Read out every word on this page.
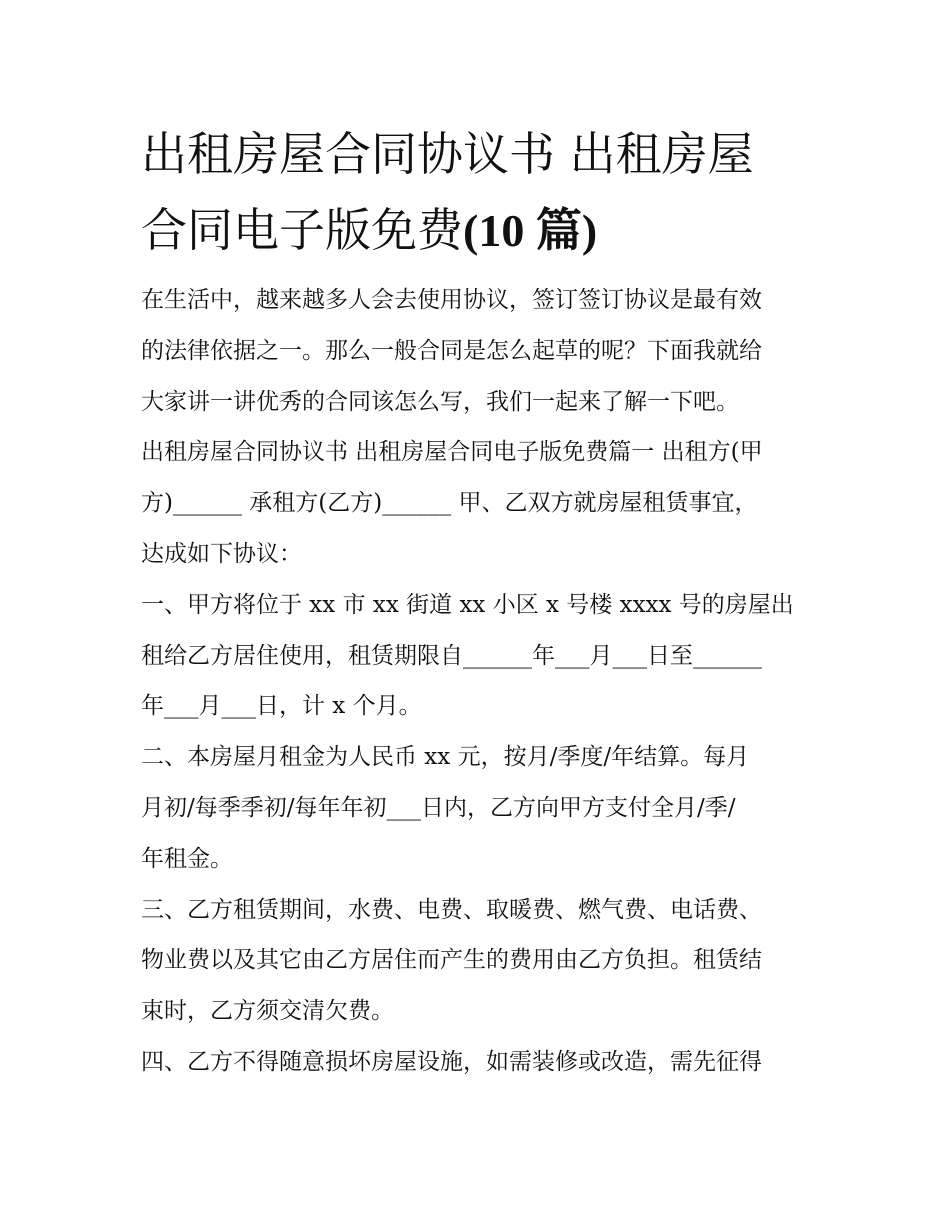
出租房屋合同协议书 出租房屋
合同电子版免费(10 篇)
在生活中，越来越多人会去使用协议，签订签订协议是最有效
的法律依据之一。那么一般合同是怎么起草的呢？下面我就给
大家讲一讲优秀的合同该怎么写，我们一起来了解一下吧。
出租房屋合同协议书 出租房屋合同电子版免费篇一 出租方(甲
方)______ 承租方(乙方)______ 甲、乙双方就房屋租赁事宜，
达成如下协议：
一、甲方将位于 xx 市 xx 街道 xx 小区 x 号楼 xxxx 号的房屋出
租给乙方居住使用，租赁期限自______年___月___日至______
年___月___日，计 x 个月。
二、本房屋月租金为人民币 xx 元，按月/季度/年结算。每月
月初/每季季初/每年年初___日内，乙方向甲方支付全月/季/
年租金。
三、乙方租赁期间，水费、电费、取暖费、燃气费、电话费、
物业费以及其它由乙方居住而产生的费用由乙方负担。租赁结
束时，乙方须交清欠费。
四、乙方不得随意损坏房屋设施，如需装修或改造，需先征得
